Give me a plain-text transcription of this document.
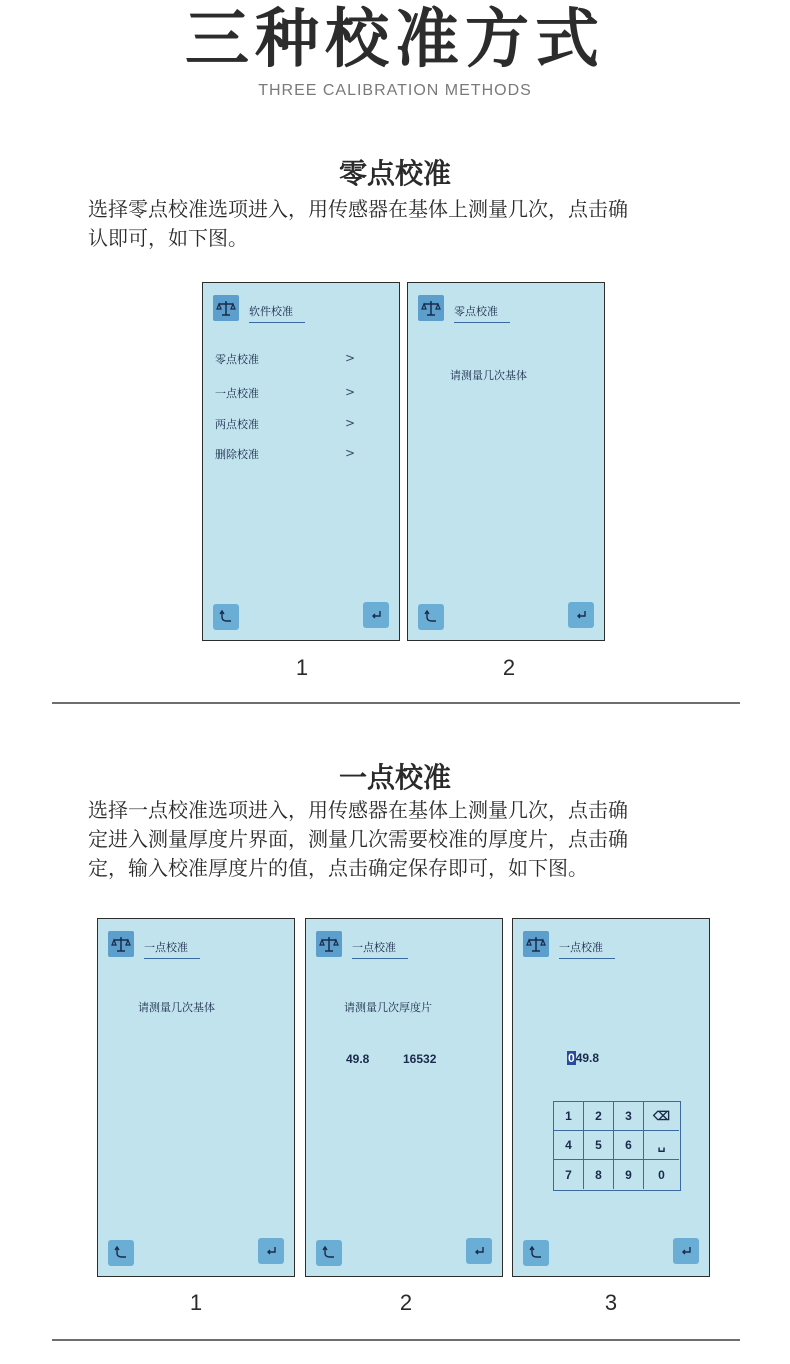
三种校准方式
THREE CALIBRATION METHODS
零点校准
选择零点校准选项进入，用传感器在基体上测量几次，点击确
认即可，如下图。
软件校准
零点校准	>
一点校准	>
两点校准	>
删除校准	>
1
零点校准
请测量几次基体
2
一点校准
选择一点校准选项进入，用传感器在基体上测量几次，点击确
定进入测量厚度片界面，测量几次需要校准的厚度片，点击确
定，输入校准厚度片的值，点击确定保存即可，如下图。
一点校准
请测量几次基体
1
一点校准
请测量几次厚度片
49.8	16532
2
一点校准
049.8
1	2	3	⌫
4	5	6	␣
7	8	9	0
3
